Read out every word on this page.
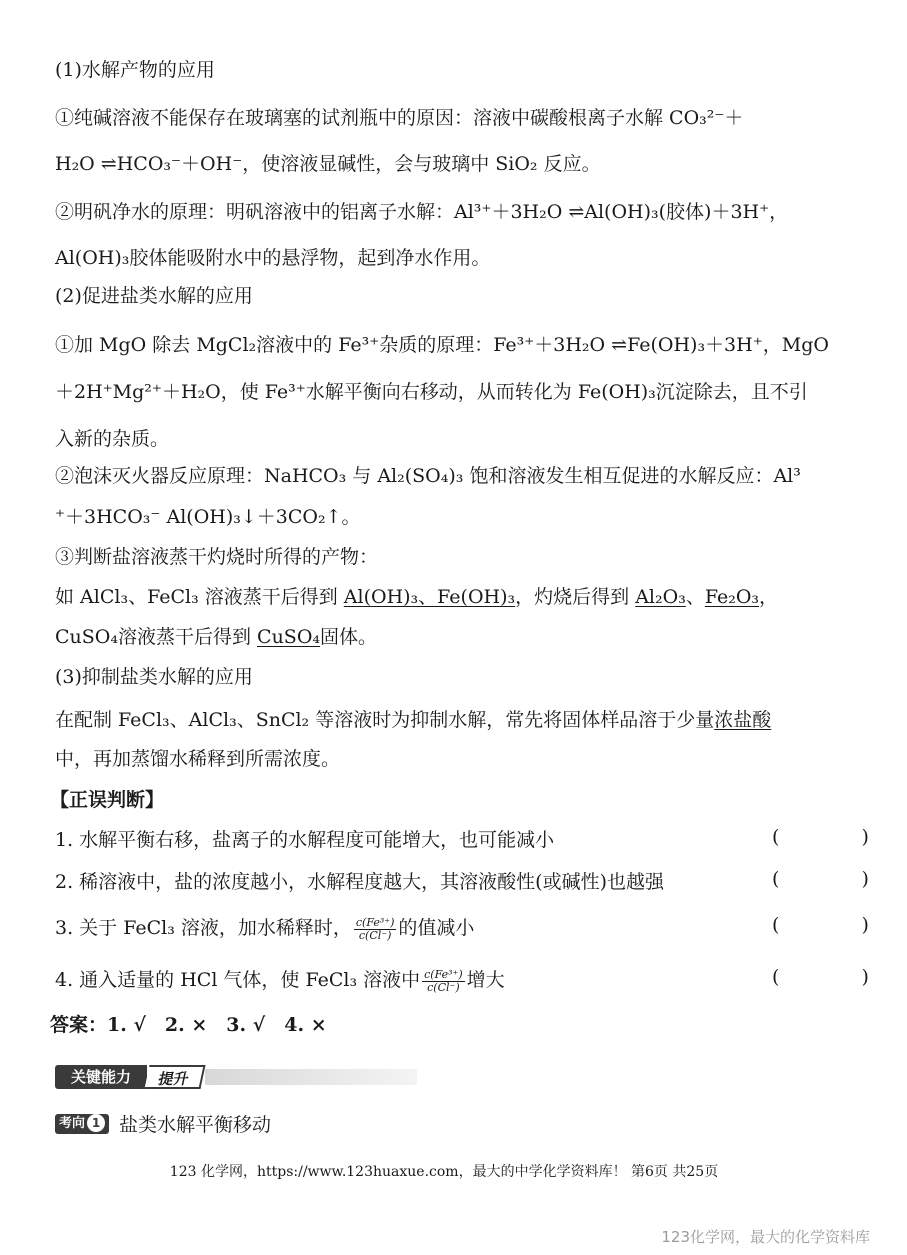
(1)水解产物的应用
①纯碱溶液不能保存在玻璃塞的试剂瓶中的原因：溶液中碳酸根离子水解 CO₃²⁻＋
H₂O ⇌HCO₃⁻＋OH⁻，使溶液显碱性，会与玻璃中 SiO₂ 反应。
②明矾净水的原理：明矾溶液中的铝离子水解：Al³⁺＋3H₂O ⇌Al(OH)₃(胶体)＋3H⁺，
Al(OH)₃胶体能吸附水中的悬浮物，起到净水作用。
(2)促进盐类水解的应用
①加 MgO 除去 MgCl₂溶液中的 Fe³⁺杂质的原理：Fe³⁺＋3H₂O ⇌Fe(OH)₃＋3H⁺，MgO
＋2H⁺Mg²⁺＋H₂O，使 Fe³⁺水解平衡向右移动，从而转化为 Fe(OH)₃沉淀除去，且不引
入新的杂质。
②泡沫灭火器反应原理：NaHCO₃ 与 Al₂(SO₄)₃ 饱和溶液发生相互促进的水解反应：Al³
⁺＋3HCO₃⁻ Al(OH)₃↓＋3CO₂↑。
③判断盐溶液蒸干灼烧时所得的产物：
如 AlCl₃、FeCl₃ 溶液蒸干后得到 Al(OH)₃、Fe(OH)₃，灼烧后得到 Al₂O₃、Fe₂O₃，
CuSO₄溶液蒸干后得到 CuSO₄固体。
(3)抑制盐类水解的应用
在配制 FeCl₃、AlCl₃、SnCl₂ 等溶液时为抑制水解，常先将固体样品溶于少量浓盐酸
中，再加蒸馏水稀释到所需浓度。
【正误判断】
1. 水解平衡右移，盐离子的水解程度可能增大，也可能减小	( )
2. 稀溶液中，盐的浓度越小，水解程度越大，其溶液酸性(或碱性)也越强	( )
3. 关于 FeCl₃ 溶液，加水稀释时， $\frac{\text{c(Fe³⁺)}}{c(Cl^-)}$ 的值减小	( )
4. 通入适量的 HCl 气体，使 FeCl₃ 溶液中 $\frac{\text{c(Fe³⁺)}}{c(Cl^-)}$ 增大	( )
答案：1. √　2. ×　3. √　4. ×
关键能力	提升
考向 1 盐类水解平衡移动
123 化学网，https://www.123huaxue.com，最大的中学化学资料库！ 第6页 共25页
123化学网，最大的化学资料库
